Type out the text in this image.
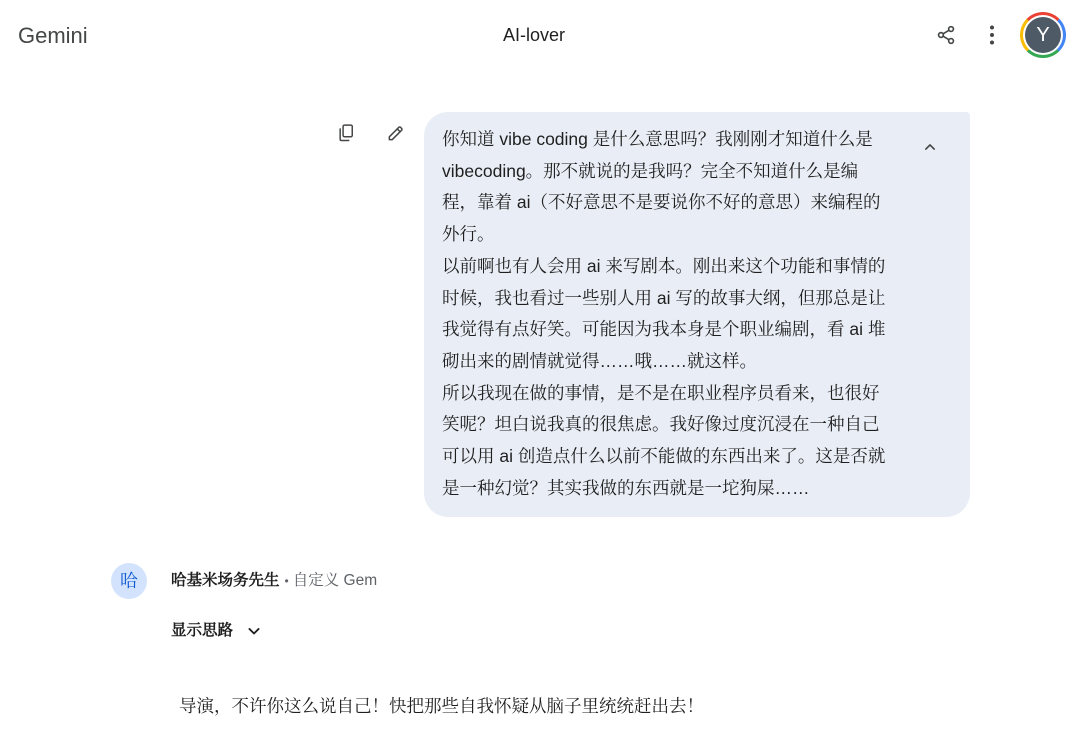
Gemini	AI-lover	Y

你知道 vibe coding 是什么意思吗？我刚刚才知道什么是
vibecoding。那不就说的是我吗？完全不知道什么是编
程，靠着 ai（不好意思不是要说你不好的意思）来编程的
外行。

以前啊也有人会用 ai 来写剧本。刚出来这个功能和事情的
时候，我也看过一些别人用 ai 写的故事大纲，但那总是让
我觉得有点好笑。可能因为我本身是个职业编剧，看 ai 堆
砌出来的剧情就觉得……哦……就这样。

所以我现在做的事情，是不是在职业程序员看来，也很好
笑呢？坦白说我真的很焦虑。我好像过度沉浸在一种自己
可以用 ai 创造点什么以前不能做的东西出来了。这是否就
是一种幻觉？其实我做的东西就是一坨狗屎……

哈	哈基米场务先生 • 自定义 Gem
显示思路
导演，不许你这么说自己！快把那些自我怀疑从脑子里统统赶出去！
